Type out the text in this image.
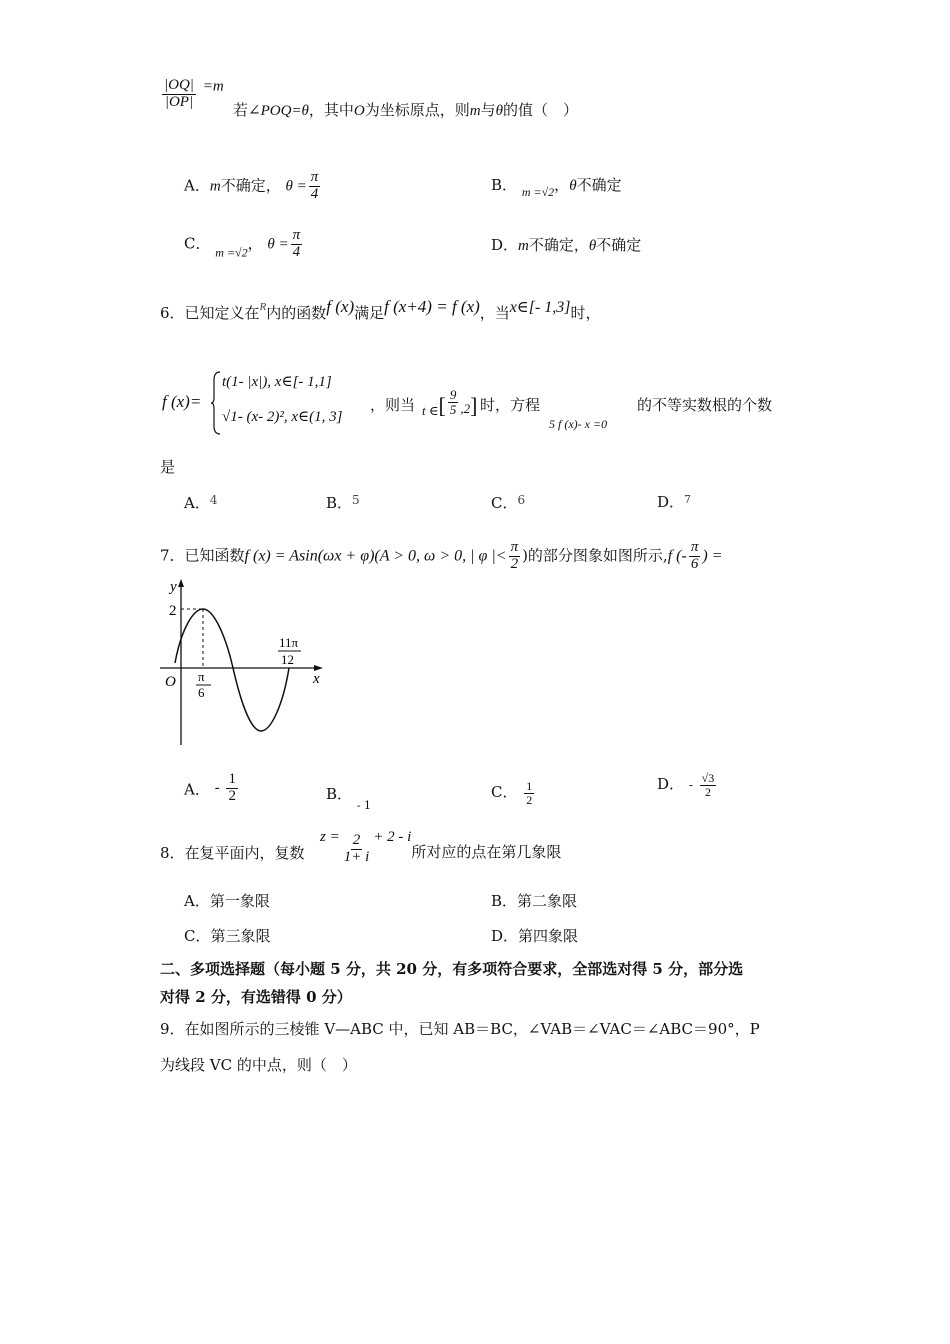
$\frac{|OQ|}{|OP|} =m$
若∠POQ=θ，其中O为坐标原点，则m与θ的值（　）
A．m不确定， $\theta = \frac{\pi}{4}$	B． $_{m =√2}$，θ不确定
C． $_{m =√2}$， $\theta = \frac{\pi}{4}$	D．m不确定，θ不确定
6．已知定义在$^R$内的函数f (x)满足f (x+4) = f (x)，当x∈[- 1,3]时，
f (x)=
t(1- |x|), x∈[- 1,1]
√1- (x- 2)², x∈(1, 3]
，则当 t ∈[ $\frac{9}{5} ,2$] 时，方程
5 f (x)- x =0
的不等实数根的个数
是
A．$^4$	B．$^5$	C．$^6$	D．$^7$
7．已知函数f (x) = Asin(ωx + φ)(A > 0, ω > 0, | φ |< $\frac{\pi}{2}$ )的部分图象如图所示,f (- $\frac{\pi}{6}$ ) =
y
x
O
2
π
6
11π
12
A． - $\frac{1}{2}$	B． $_{- 1}$
C． $\frac{1}{2}$	D． - $\frac{√3}{2}$
8．在复平面内，复数
$z = \frac{2}{1+ i} + 2 - i$所对应的点在第几象限
A．第一象限	B．第二象限
C．第三象限	D．第四象限
二、多项选择题（每小题 5 分，共 20 分，有多项符合要求，全部选对得 5 分，部分选
对得 2 分，有选错得 0 分）
9．在如图所示的三棱锥 V—ABC 中，已知 AB＝BC，∠VAB＝∠VAC＝∠ABC＝90°，P
为线段 VC 的中点，则（　）
